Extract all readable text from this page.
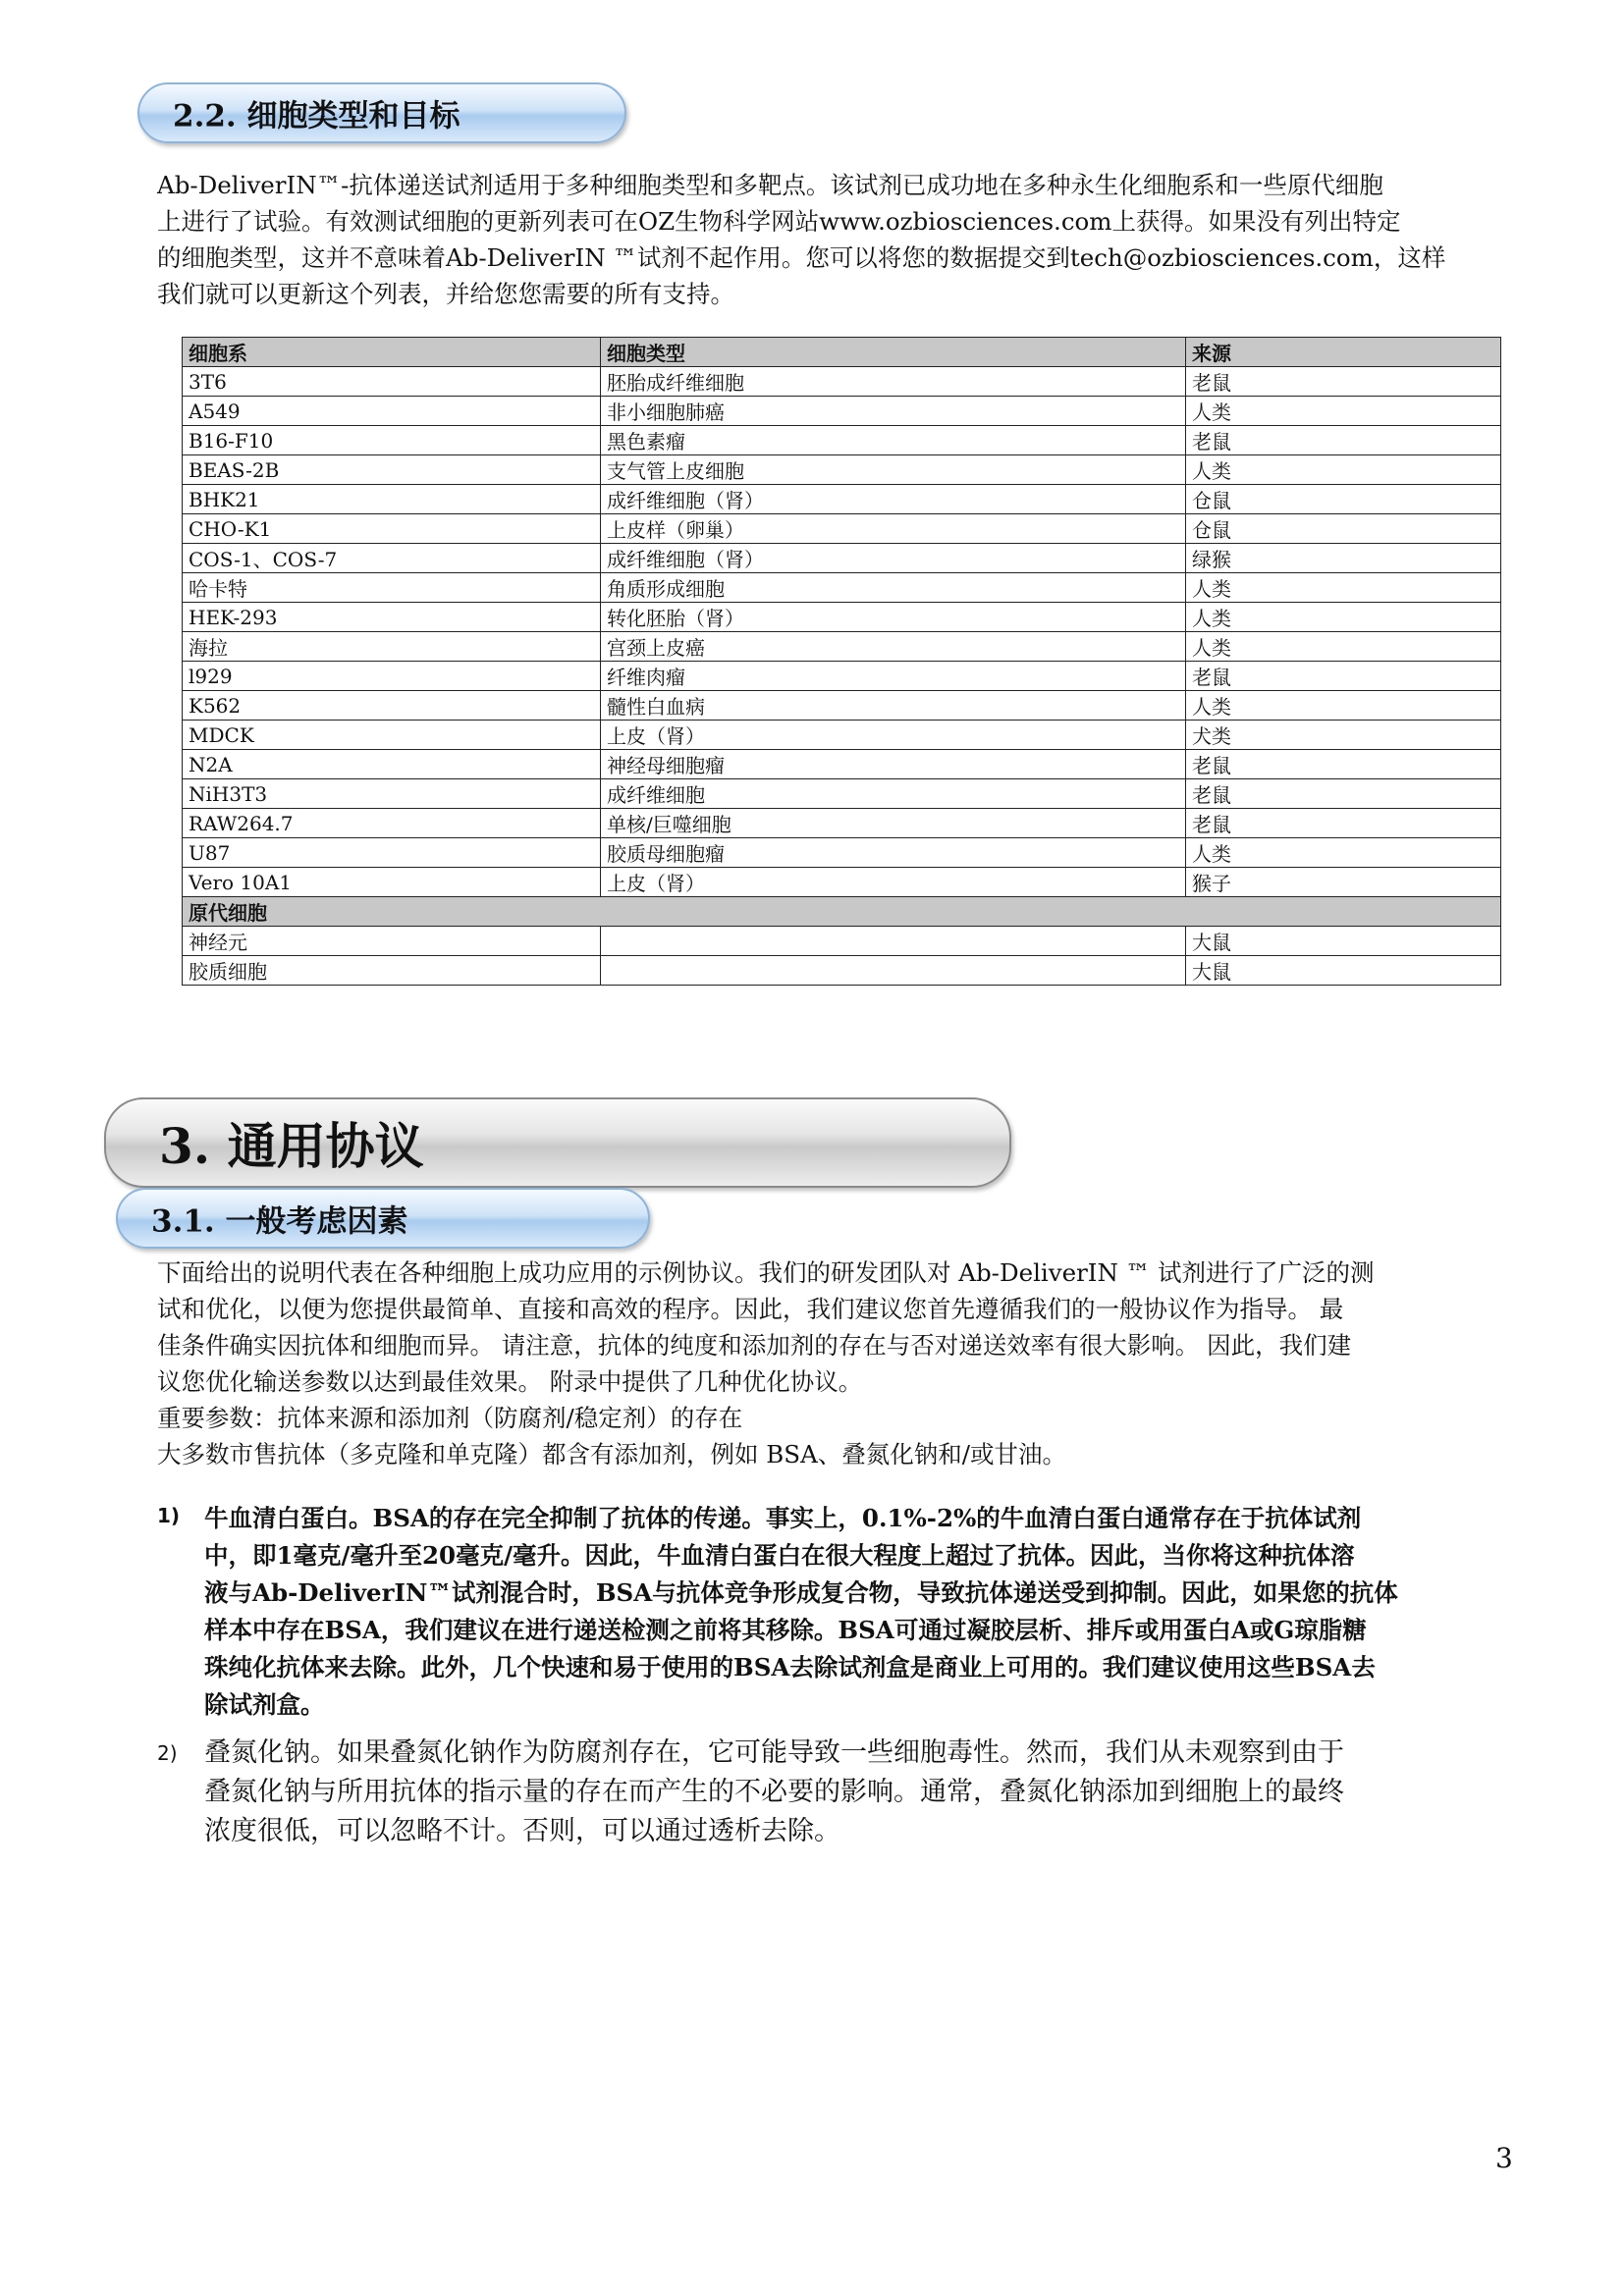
2.2. 细胞类型和目标
Ab-DeliverIN™-抗体递送试剂适用于多种细胞类型和多靶点。该试剂已成功地在多种永生化细胞系和一些原代细胞
上进行了试验。有效测试细胞的更新列表可在OZ生物科学网站www.ozbiosciences.com上获得。如果没有列出特定
的细胞类型，这并不意味着Ab-DeliverIN ™试剂不起作用。您可以将您的数据提交到tech@ozbiosciences.com，这样
我们就可以更新这个列表，并给您您需要的所有支持。
细胞系	细胞类型	来源
3T6	胚胎成纤维细胞	老鼠
A549	非小细胞肺癌	人类
B16-F10	黑色素瘤	老鼠
BEAS-2B	支气管上皮细胞	人类
BHK21	成纤维细胞（肾）	仓鼠
CHO-K1	上皮样（卵巢）	仓鼠
COS-1、COS-7	成纤维细胞（肾）	绿猴
哈卡特	角质形成细胞	人类
HEK-293	转化胚胎（肾）	人类
海拉	宫颈上皮癌	人类
l929	纤维肉瘤	老鼠
K562	髓性白血病	人类
MDCK	上皮（肾）	犬类
N2A	神经母细胞瘤	老鼠
NiH3T3	成纤维细胞	老鼠
RAW264.7	单核/巨噬细胞	老鼠
U87	胶质母细胞瘤	人类
Vero 10A1	上皮（肾）	猴子
原代细胞		
神经元		大鼠
胶质细胞		大鼠
3. 通用协议
3.1. 一般考虑因素
下面给出的说明代表在各种细胞上成功应用的示例协议。我们的研发团队对 Ab-DeliverIN ™ 试剂进行了广泛的测
试和优化，以便为您提供最简单、直接和高效的程序。因此，我们建议您首先遵循我们的一般协议作为指导。 最
佳条件确实因抗体和细胞而异。 请注意，抗体的纯度和添加剂的存在与否对递送效率有很大影响。 因此，我们建
议您优化输送参数以达到最佳效果。 附录中提供了几种优化协议。
重要参数：抗体来源和添加剂（防腐剂/稳定剂）的存在
大多数市售抗体（多克隆和单克隆）都含有添加剂，例如 BSA、叠氮化钠和/或甘油。
1) 牛血清白蛋白。BSA的存在完全抑制了抗体的传递。事实上，0.1%-2%的牛血清白蛋白通常存在于抗体试剂
中，即1毫克/毫升至20毫克/毫升。因此，牛血清白蛋白在很大程度上超过了抗体。因此，当你将这种抗体溶
液与Ab-DeliverIN™试剂混合时，BSA与抗体竞争形成复合物，导致抗体递送受到抑制。因此，如果您的抗体
样本中存在BSA，我们建议在进行递送检测之前将其移除。BSA可通过凝胶层析、排斥或用蛋白A或G琼脂糖
珠纯化抗体来去除。此外，几个快速和易于使用的BSA去除试剂盒是商业上可用的。我们建议使用这些BSA去
除试剂盒。
2) 叠氮化钠。如果叠氮化钠作为防腐剂存在，它可能导致一些细胞毒性。然而，我们从未观察到由于
叠氮化钠与所用抗体的指示量的存在而产生的不必要的影响。通常，叠氮化钠添加到细胞上的最终
浓度很低，可以忽略不计。否则，可以通过透析去除。
3
